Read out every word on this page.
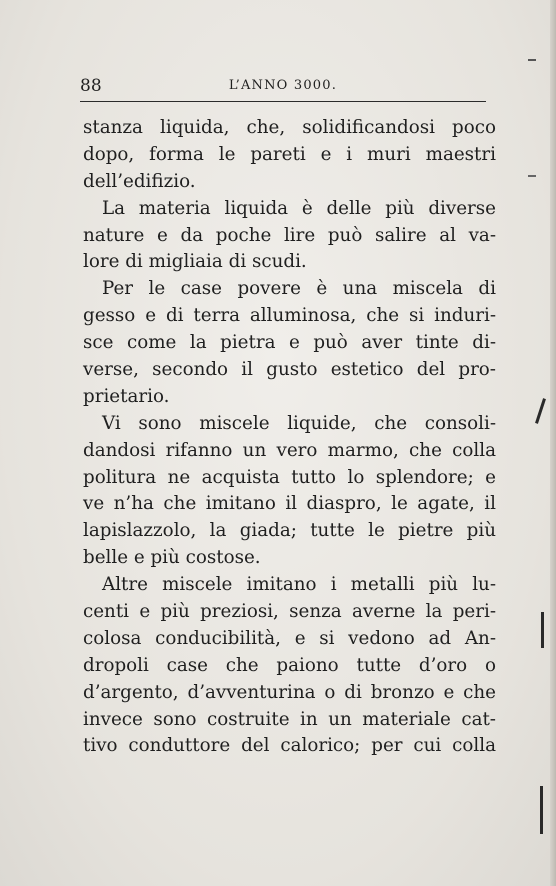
88	L’ANNO 3000.
stanza liquida, che, solidificandosi poco
dopo, forma le pareti e i muri maestri
dell’edifizio.
La materia liquida è delle più diverse
nature e da poche lire può salire al va-
lore di migliaia di scudi.
Per le case povere è una miscela di
gesso e di terra alluminosa, che si induri-
sce come la pietra e può aver tinte di-
verse, secondo il gusto estetico del pro-
prietario.
Vi sono miscele liquide, che consoli-
dandosi rifanno un vero marmo, che colla
politura ne acquista tutto lo splendore; e
ve n’ha che imitano il diaspro, le agate, il
lapislazzolo, la giada; tutte le pietre più
belle e più costose.
Altre miscele imitano i metalli più lu-
centi e più preziosi, senza averne la peri-
colosa conducibilità, e si vedono ad An-
dropoli case che paiono tutte d’oro o
d’argento, d’avventurina o di bronzo e che
invece sono costruite in un materiale cat-
tivo conduttore del calorico; per cui colla
